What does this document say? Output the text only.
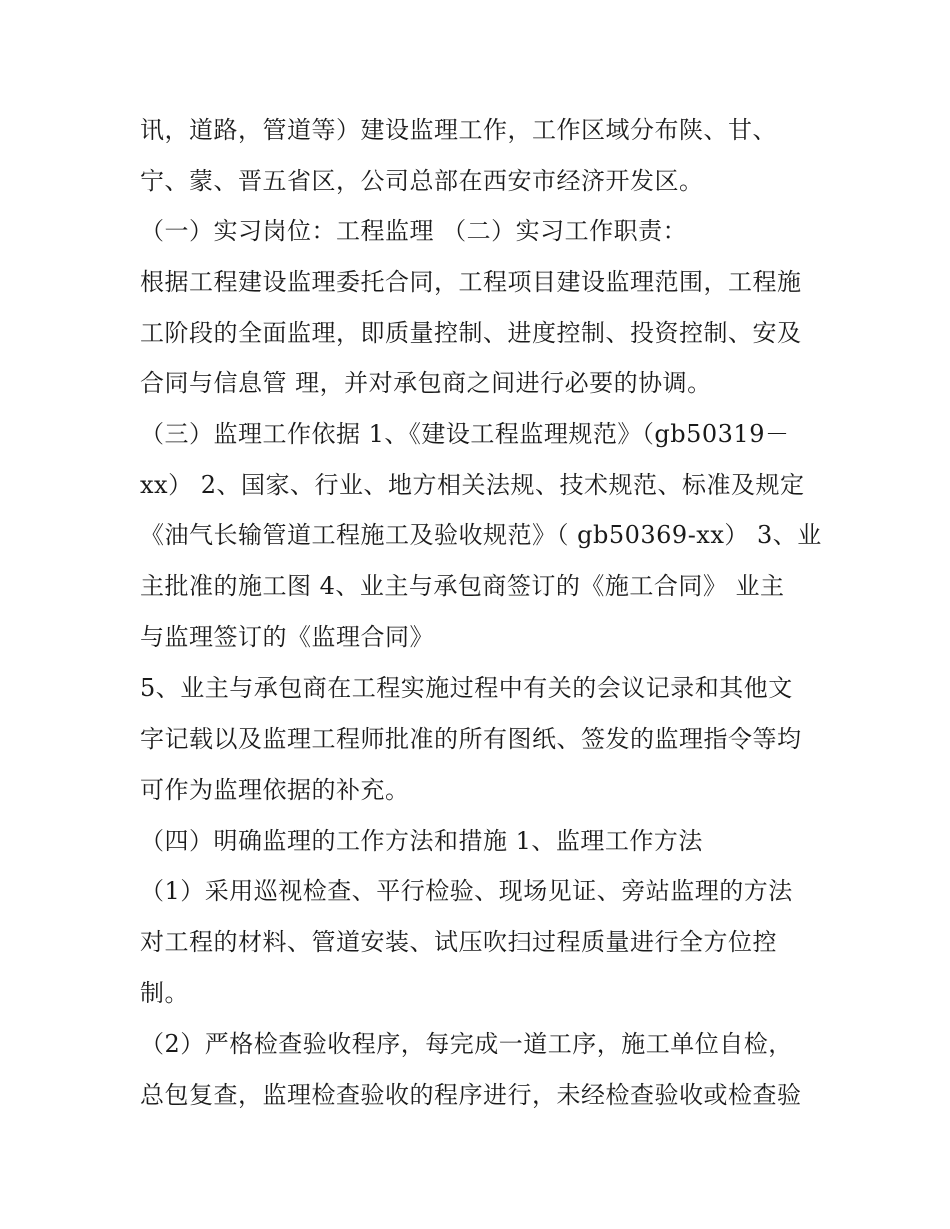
讯，道路，管道等）建设监理工作，工作区域分布陕、甘、
宁、蒙、晋五省区，公司总部在西安市经济开发区。
（一）实习岗位：工程监理 （二）实习工作职责：
根据工程建设监理委托合同，工程项目建设监理范围，工程施
工阶段的全面监理，即质量控制、进度控制、投资控制、安及
合同与信息管 理，并对承包商之间进行必要的协调。
（三）监理工作依据 1、《建设工程监理规范》（gb50319－
xx） 2、国家、行业、地方相关法规、技术规范、标准及规定
《油气长输管道工程施工及验收规范》（ gb50369-xx） 3、业
主批准的施工图 4、业主与承包商签订的《施工合同》 业主
与监理签订的《监理合同》
5、业主与承包商在工程实施过程中有关的会议记录和其他文
字记载以及监理工程师批准的所有图纸、签发的监理指令等均
可作为监理依据的补充。
（四）明确监理的工作方法和措施 1、监理工作方法
（1）采用巡视检查、平行检验、现场见证、旁站监理的方法
对工程的材料、管道安装、试压吹扫过程质量进行全方位控
制。
（2）严格检查验收程序，每完成一道工序，施工单位自检，
总包复查，监理检查验收的程序进行，未经检查验收或检查验
